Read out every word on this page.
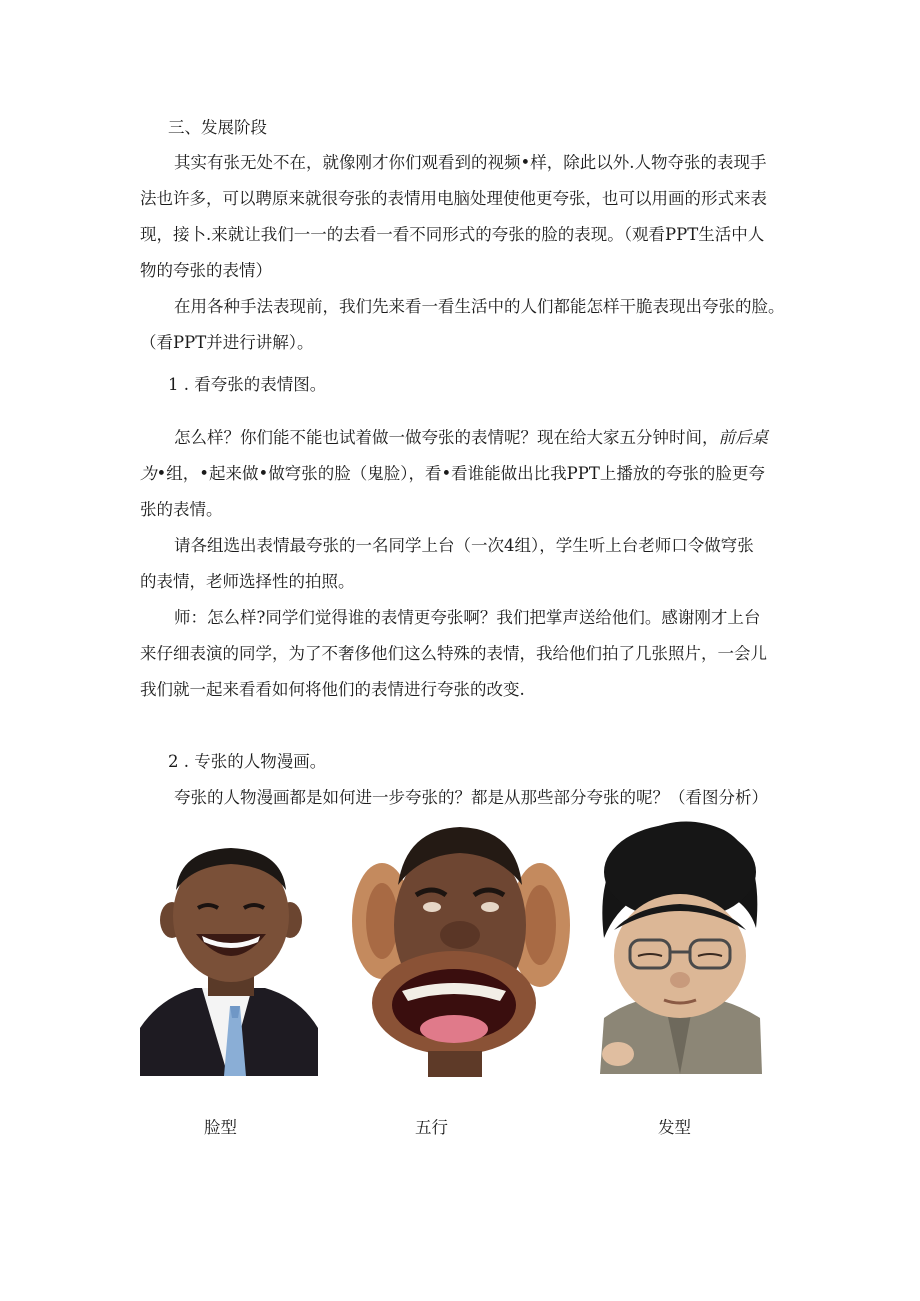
三、发展阶段
其实有张无处不在，就像刚才你们观看到的视频•样，除此以外.人物夺张的表现手
法也许多，可以聘原来就很夸张的表情用电脑处理使他更夸张，也可以用画的形式来表
现，接卜.来就让我们一一的去看一看不同形式的夸张的脸的表现。（观看PPT生活中人
物的夸张的表情）
在用各种手法表现前，我们先来看一看生活中的人们都能怎样干脆表现出夸张的脸。
（看PPT并进行讲解）。
1 . 看夸张的表情图。
怎么样？你们能不能也试着做一做夸张的表情呢？现在给大家五分钟时间，前后桌
为•组，•起来做•做穹张的脸（鬼脸），看•看谁能做出比我PPT上播放的夸张的脸更夸
张的表情。
请各组选出表情最夸张的一名同学上台（一次4组），学生听上台老师口令做穹张
的表情，老师选择性的拍照。
师：怎么样?同学们觉得谁的表情更夸张啊？我们把掌声送给他们。感谢刚才上台
来仔细表演的同学，为了不奢侈他们这么特殊的表情，我给他们拍了几张照片，一会儿
我们就一起来看看如何将他们的表情进行夸张的改变.
2 . 专张的人物漫画。
夸张的人物漫画都是如何进一步夸张的？都是从那些部分夸张的呢？（看图分析）
脸型	五行	发型
